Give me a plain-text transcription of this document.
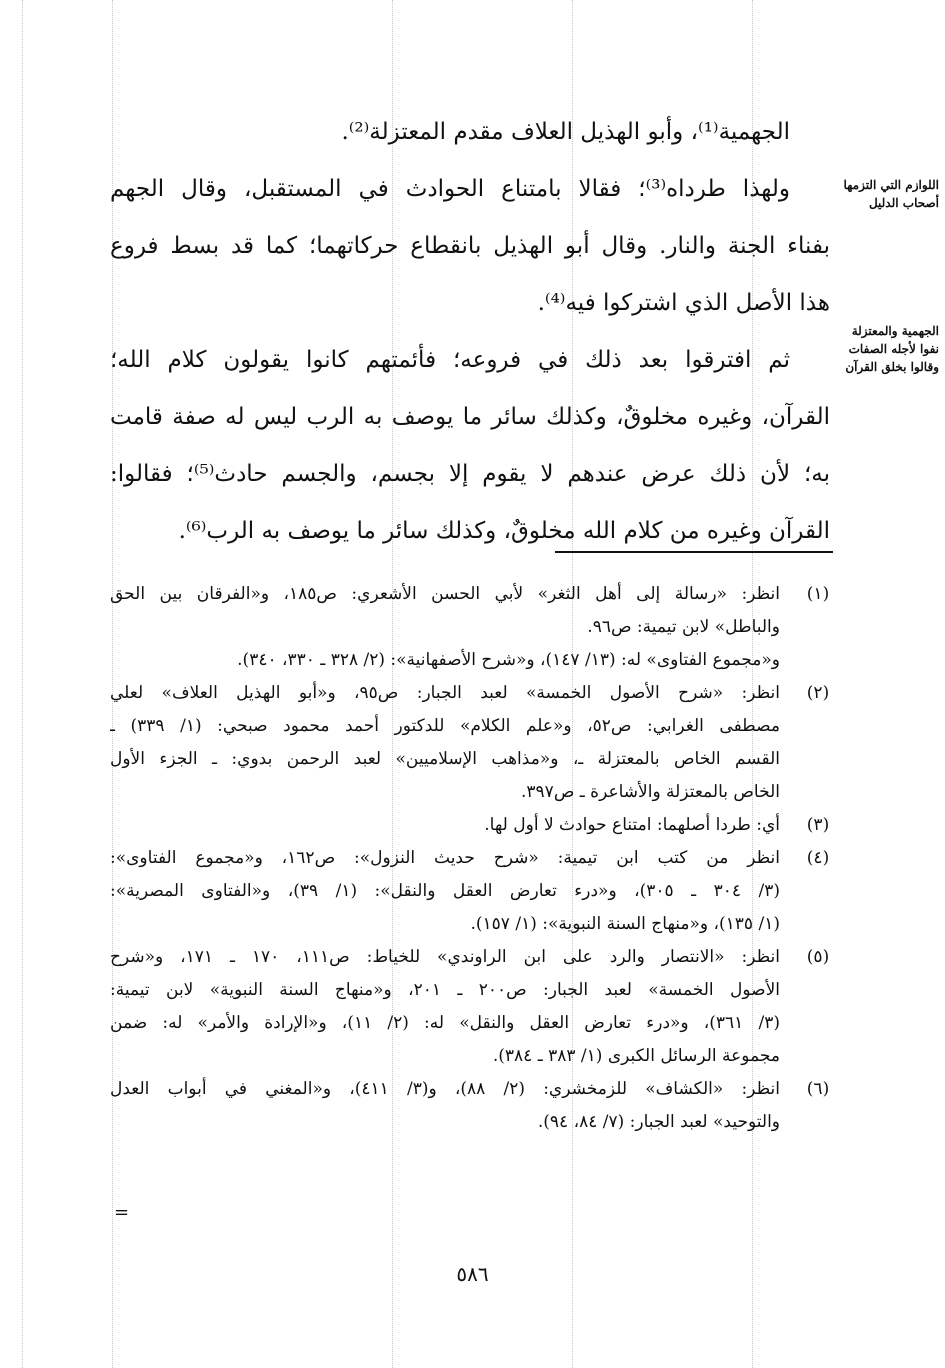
الجهمية⁽¹⁾، وأبو الهذيل العلاف مقدم المعتزلة⁽²⁾.
ولهذا طرداه⁽³⁾؛ فقالا بامتناع الحوادث في المستقبل، وقال الجهم
بفناء الجنة والنار. وقال أبو الهذيل بانقطاع حركاتهما؛ كما قد بسط فروع
هذا الأصل الذي اشتركوا فيه⁽⁴⁾.
ثم افترقوا بعد ذلك في فروعه؛ فأئمتهم كانوا يقولون كلام الله؛
القرآن، وغيره مخلوقٌ، وكذلك سائر ما يوصف به الرب ليس له صفة قامت
به؛ لأن ذلك عرض عندهم لا يقوم إلا بجسم، والجسم حادث⁽⁵⁾؛ فقالوا:
القرآن وغيره من كلام الله مخلوقٌ، وكذلك سائر ما يوصف به الرب⁽⁶⁾.
اللوازم التي التزمها
أصحاب الدليل
الجهمية والمعتزلة
نفوا لأجله الصفات
وقالوا بخلق القرآن
(١)
انظر: «رسالة إلى أهل الثغر» لأبي الحسن الأشعري: ص١٨٥، و«الفرقان بين الحق
والباطل» لابن تيمية: ص٩٦.
و«مجموع الفتاوى» له: (١٣/ ١٤٧)، و«شرح الأصفهانية»: (٢/ ٣٢٨ ـ ٣٣٠، ٣٤٠).
(٢)
انظر: «شرح الأصول الخمسة» لعبد الجبار: ص٩٥، و«أبو الهذيل العلاف» لعلي
مصطفى الغرابي: ص٥٢، و«علم الكلام» للدكتور أحمد محمود صبحي: (١/ ٣٣٩) ـ
القسم الخاص بالمعتزلة ـ، و«مذاهب الإسلاميين» لعبد الرحمن بدوي: ـ الجزء الأول
الخاص بالمعتزلة والأشاعرة ـ ص٣٩٧.
(٣)
أي: طردا أصلهما: امتناع حوادث لا أول لها.
(٤)
انظر من كتب ابن تيمية: «شرح حديث النزول»: ص١٦٢، و«مجموع الفتاوى»:
(٣/ ٣٠٤ ـ ٣٠٥)، و«درء تعارض العقل والنقل»: (١/ ٣٩)، و«الفتاوى المصرية»:
(١/ ١٣٥)، و«منهاج السنة النبوية»: (١/ ١٥٧).
(٥)
انظر: «الانتصار والرد على ابن الراوندي» للخياط: ص١١١، ١٧٠ ـ ١٧١، و«شرح
الأصول الخمسة» لعبد الجبار: ص٢٠٠ ـ ٢٠١، و«منهاج السنة النبوية» لابن تيمية:
(٣/ ٣٦١)، و«درء تعارض العقل والنقل» له: (٢/ ١١)، و«الإرادة والأمر» له: ضمن
مجموعة الرسائل الكبرى (١/ ٣٨٣ ـ ٣٨٤).
(٦)
انظر: «الكشاف» للزمخشري: (٢/ ٨٨)، و(٣/ ٤١١)، و«المغني في أبواب العدل
والتوحيد» لعبد الجبار: (٧/ ٨٤، ٩٤).
=
٥٨٦
